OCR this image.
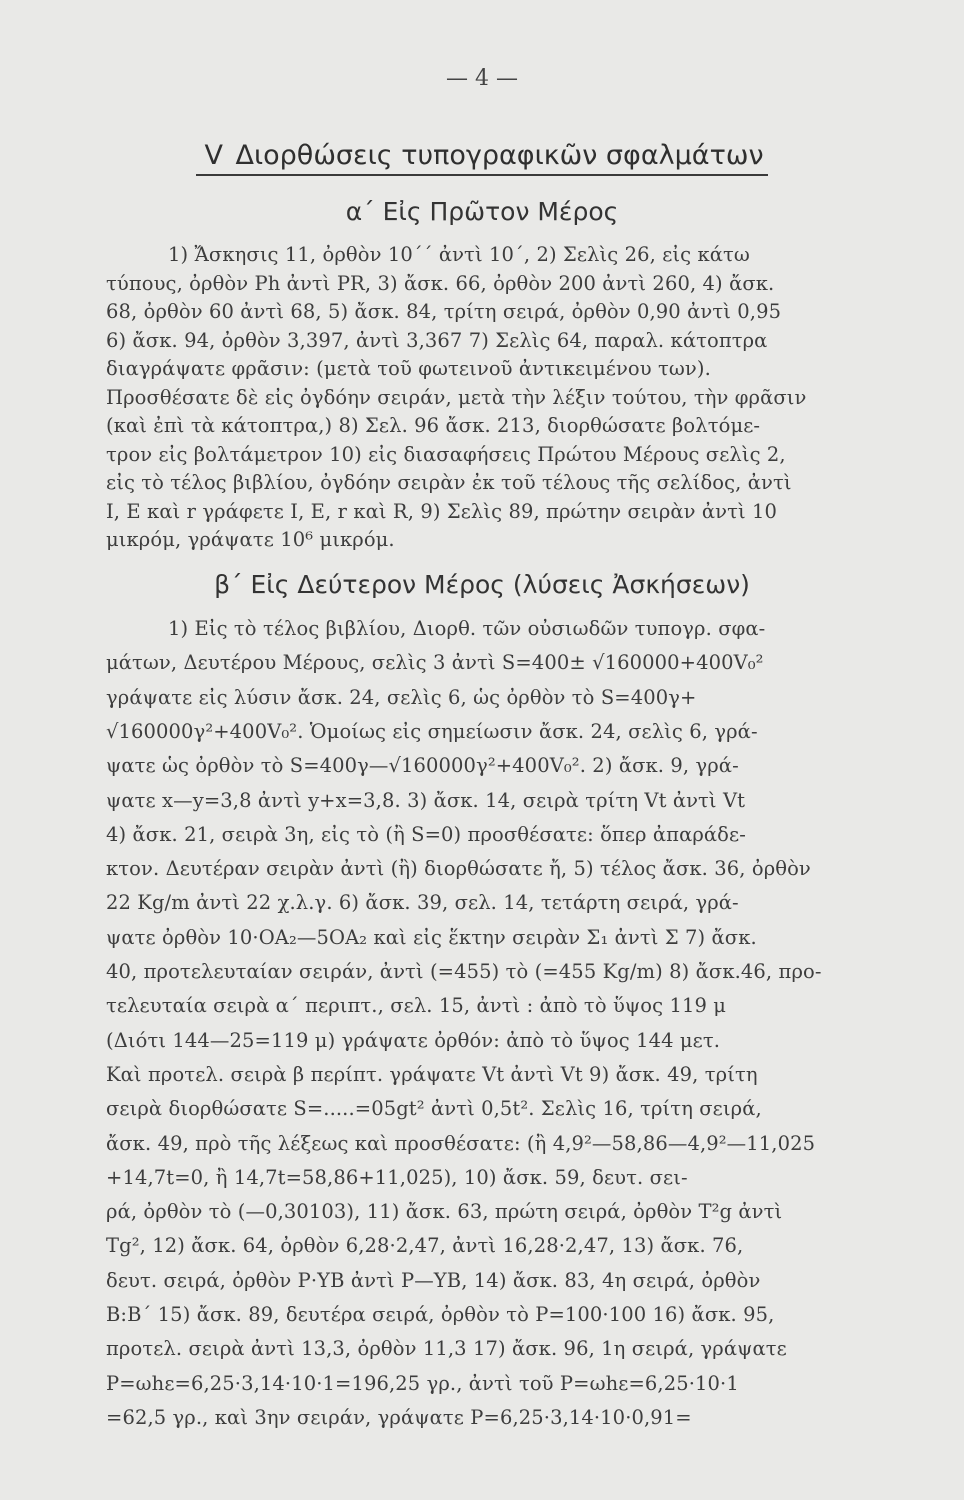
— 4 —
V Διορθώσεις τυπογραφικῶν σφαλμάτων
α΄ Εἰς Πρῶτον Μέρος
1) Ἄσκησις 11, ὀρθὸν 10΄΄ ἀντὶ 10΄, 2) Σελὶς 26, εἰς κάτω
τύπους, ὀρθὸν Ph ἀντὶ PR, 3) ἄσκ. 66, ὀρθὸν 200 ἀντὶ 260, 4) ἄσκ.
68, ὀρθὸν 60 ἀντὶ 68, 5) ἄσκ. 84, τρίτη σειρά, ὀρθὸν 0,90 ἀντὶ 0,95
6) ἄσκ. 94, ὀρθὸν 3,397, ἀντὶ 3,367 7) Σελὶς 64, παραλ. κάτοπτρα
διαγράψατε φρᾶσιν: (μετὰ τοῦ φωτεινοῦ ἀντικειμένου των).
Προσθέσατε δὲ εἰς ὀγδόην σειράν, μετὰ τὴν λέξιν τούτου, τὴν φρᾶσιν
(καὶ ἐπὶ τὰ κάτοπτρα,) 8) Σελ. 96 ἄσκ. 213, διορθώσατε βολτόμε-
τρον εἰς βολτάμετρον 10) εἰς διασαφήσεις Πρώτου Μέρους σελὶς 2,
εἰς τὸ τέλος βιβλίου, ὀγδόην σειρὰν ἐκ τοῦ τέλους τῆς σελίδος, ἀντὶ
I, E καὶ r γράφετε I, E, r καὶ R, 9) Σελὶς 89, πρώτην σειρὰν ἀντὶ 10
μικρόμ, γράψατε 10⁶ μικρόμ.
β΄ Εἰς Δεύτερον Μέρος (λύσεις Ἀσκήσεων)
1) Εἰς τὸ τέλος βιβλίου, Διορθ. τῶν οὐσιωδῶν τυπογρ. σφα-
μάτων, Δευτέρου Μέρους, σελὶς 3 ἀντὶ S=400± √160000+400V₀²
γράψατε εἰς λύσιν ἄσκ. 24, σελὶς 6, ὡς ὀρθὸν τὸ S=400γ+
√160000γ²+400V₀². Ὁμοίως εἰς σημείωσιν ἄσκ. 24, σελὶς 6, γρά-
ψατε ὡς ὀρθὸν τὸ S=400γ—√160000γ²+400V₀². 2) ἄσκ. 9, γρά-
ψατε x—y=3,8 ἀντὶ y+x=3,8. 3) ἄσκ. 14, σειρὰ τρίτη Vt ἀντὶ Vt
4) ἄσκ. 21, σειρὰ 3η, εἰς τὸ (ἢ S=0) προσθέσατε: ὅπερ ἀπαράδε-
κτον. Δευτέραν σειρὰν ἀντὶ (ἢ) διορθώσατε ἤ, 5) τέλος ἄσκ. 36, ὀρθὸν
22 Kg/m ἀντὶ 22 χ.λ.γ. 6) ἄσκ. 39, σελ. 14, τετάρτη σειρά, γρά-
ψατε ὀρθὸν 10·ΟΑ₂—5ΟΑ₂ καὶ εἰς ἕκτην σειρὰν Σ₁ ἀντὶ Σ 7) ἄσκ.
40, προτελευταίαν σειράν, ἀντὶ (=455) τὸ (=455 Kg/m) 8) ἄσκ.46, προ-
τελευταία σειρὰ α΄ περιπτ., σελ. 15, ἀντὶ : ἀπὸ τὸ ὕψος 119 μ
(Διότι 144—25=119 μ) γράψατε ὀρθόν: ἀπὸ τὸ ὕψος 144 μετ.
Καὶ προτελ. σειρὰ β περίπτ. γράψατε Vt ἀντὶ Vt 9) ἄσκ. 49, τρίτη
σειρὰ διορθώσατε S=.....=05gt² ἀντὶ 0,5t². Σελὶς 16, τρίτη σειρά,
ἄσκ. 49, πρὸ τῆς λέξεως καὶ προσθέσατε: (ἢ 4,9²—58,86—4,9²—11,025
+14,7t=0, ἢ 14,7t=58,86+11,025), 10) ἄσκ. 59, δευτ. σει-
ρά, ὀρθὸν τὸ (—0,30103), 11) ἄσκ. 63, πρώτη σειρά, ὀρθὸν T²g ἀντὶ
Tg², 12) ἄσκ. 64, ὀρθὸν 6,28·2,47, ἀντὶ 16,28·2,47, 13) ἄσκ. 76,
δευτ. σειρά, ὀρθὸν P·YB ἀντὶ P—YB, 14) ἄσκ. 83, 4η σειρά, ὀρθὸν
B:B΄ 15) ἄσκ. 89, δευτέρα σειρά, ὀρθὸν τὸ P=100·100 16) ἄσκ. 95,
προτελ. σειρὰ ἀντὶ 13,3, ὀρθὸν 11,3 17) ἄσκ. 96, 1η σειρά, γράψατε
P=ωhε=6,25·3,14·10·1=196,25 γρ., ἀντὶ τοῦ P=ωhε=6,25·10·1
=62,5 γρ., καὶ 3ην σειράν, γράψατε P=6,25·3,14·10·0,91=
